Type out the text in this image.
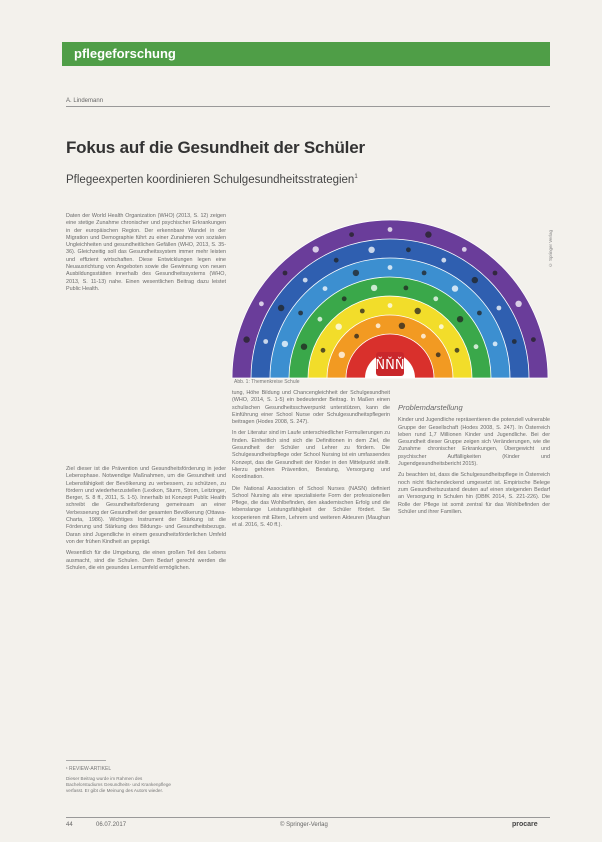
pflegeforschung
A. Lindemann
Fokus auf die Gesundheit der Schüler
Pflegeexperten koordinieren Schulgesundheitsstrategien$^1$

Daten der World Health Organization (WHO) (2013, S. 12) zeigen eine stetige Zunahme chronischer und psychischer Erkrankungen in der europäischen Region. Der erkennbare Wandel in der Migration und Demographie führt zu einer Zunahme von sozialen Ungleichheiten und gesundheitlichen Gefällen (WHO, 2013, S. 35-36). Gleichzeitig soll das Gesundheitssystem immer mehr leisten und effizient wirtschaften. Diese Entwicklungen legen eine Neuausrichtung von Angeboten sowie die Gewinnung von neuen Ausbildungsstätten innerhalb des Gesundheitssystems (WHO, 2013, S. 11-13) nahe. Einen wesentlichen Beitrag dazu leistet Public Health.

Ziel dieser ist die Prävention und Gesundheitsförderung in jeder Lebensphase. Notwendige Maßnahmen, um die Gesundheit und Lebensfähigkeit der Bevölkerung zu verbessern, zu schützen, zu fördern und wiederherzustellen (Lexikon, Sturm, Strom, Leitzinger, Berger, S. 8 ff., 2011, S. 1-5). Innerhalb ist Konzept Public Health schreibt die Gesundheitsförderung gemeinsam an einer Verbesserung der Gesundheit der gesamten Bevölkerung (Ottawa-Charta, 1986). Wichtiges Instrument der Stärkung ist die Förderung und Stärkung des Bildungs- und Gesundheitsbezugs. Daran sind Jugendliche in einem gesundheitsförderlichen Umfeld von der frühen Kindheit an geprägt.

Wesentlich für die Umgebung, die einen großen Teil des Lebens ausmacht, sind die Schulen. Dem Bedarf gerecht werden die Schulen, die ein gesundes Lernumfeld ermöglichen.

ŇŇŇ
© Springer Verlag
Abb. 1: Themenkreise Schule

tung, Höhe Bildung und Chancengleichheit der Schulgesundheit (WHO, 2014, S. 1-5) ein bedeutender Beitrag. In Maßen einen schulischen Gesundheitsschwerpunkt unterstützen, kann die Einführung einer School Nurse oder Schulgesundheitspflegerin beitragen (Hodes 2008, S. 247).

In der Literatur sind im Laufe unterschiedlicher Formulierungen zu finden. Einheitlich sind sich die Definitionen in dem Ziel, die Gesundheit der Schüler und Lehrer zu fördern. Die Schulgesundheitspflege oder School Nursing ist ein umfassendes Konzept, das die Gesundheit der Kinder in den Mittelpunkt stellt. Hierzu gehören Prävention, Beratung, Versorgung und Koordination.

Die National Association of School Nurses (NASN) definiert School Nursing als eine spezialisierte Form der professionellen Pflege, die das Wohlbefinden, den akademischen Erfolg und die lebenslange Leistungsfähigkeit der Schüler fördert. Sie kooperieren mit Eltern, Lehrern und weiteren Akteuren (Maughan et al. 2016, S. 40 ff.).

Problemdarstellung

Kinder und Jugendliche repräsentieren die potenziell vulnerable Gruppe der Gesellschaft (Hodes 2008, S. 247). In Österreich leben rund 1,7 Millionen Kinder und Jugendliche. Bei der Gesundheit dieser Gruppe zeigen sich Veränderungen, wie die Zunahme chronischer Erkrankungen, Übergewicht und psychischer Auffälligkeiten (Kinder und Jugendgesundheitsbericht 2015).

Zu beachten ist, dass die Schulgesundheitspflege in Österreich noch nicht flächendeckend umgesetzt ist. Empirische Belege zum Gesundheitszustand deuten auf einen steigenden Bedarf an Versorgung in Schulen hin (DBfK 2014, S. 221-226). Die Rolle der Pflege ist somit zentral für das Wohlbefinden der Schüler und ihrer Familien.

¹ REVIEW-ARTIKEL
Dieser Beitrag wurde im Rahmen des Bachelorstudiums Gesundheits- und Krankenpflege verfasst. Er gibt die Meinung des Autors wieder.
44	06.07.2017	© Springer-Verlag	procare
